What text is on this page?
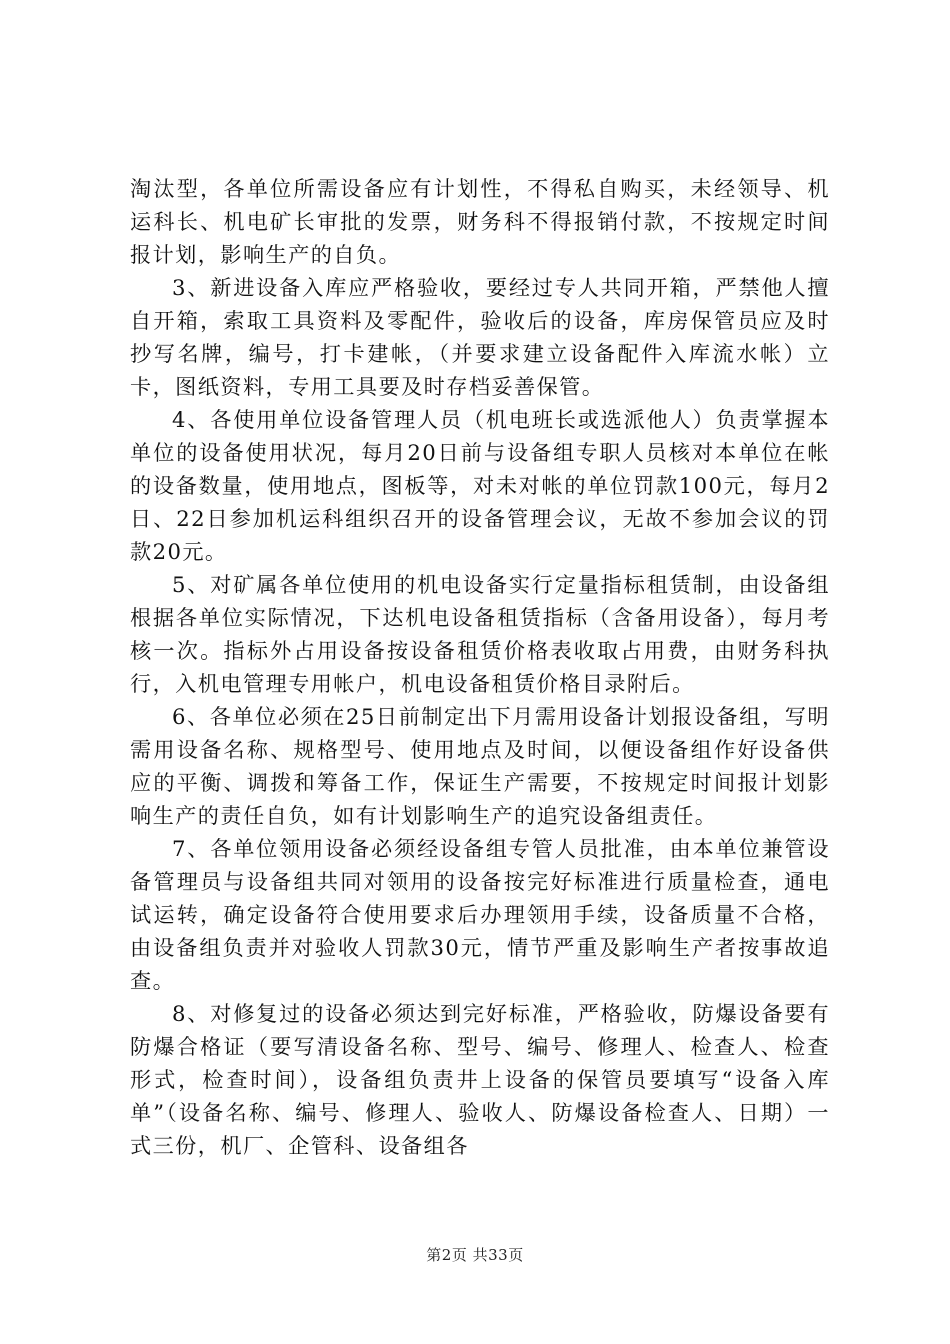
淘汰型，各单位所需设备应有计划性，不得私自购买，未经领导、机运科长、机电矿长审批的发票，财务科不得报销付款，不按规定时间报计划，影响生产的自负。

3、新进设备入库应严格验收，要经过专人共同开箱，严禁他人擅自开箱，索取工具资料及零配件，验收后的设备，库房保管员应及时抄写名牌，编号，打卡建帐，（并要求建立设备配件入库流水帐）立卡，图纸资料，专用工具要及时存档妥善保管。

4、各使用单位设备管理人员（机电班长或选派他人）负责掌握本单位的设备使用状况，每月20日前与设备组专职人员核对本单位在帐的设备数量，使用地点，图板等，对未对帐的单位罚款100元，每月2日、22日参加机运科组织召开的设备管理会议，无故不参加会议的罚款20元。

5、对矿属各单位使用的机电设备实行定量指标租赁制，由设备组根据各单位实际情况，下达机电设备租赁指标（含备用设备），每月考核一次。指标外占用设备按设备租赁价格表收取占用费，由财务科执行，入机电管理专用帐户，机电设备租赁价格目录附后。

6、各单位必须在25日前制定出下月需用设备计划报设备组，写明需用设备名称、规格型号、使用地点及时间，以便设备组作好设备供应的平衡、调拨和筹备工作，保证生产需要，不按规定时间报计划影响生产的责任自负，如有计划影响生产的追究设备组责任。

7、各单位领用设备必须经设备组专管人员批准，由本单位兼管设备管理员与设备组共同对领用的设备按完好标准进行质量检查，通电试运转，确定设备符合使用要求后办理领用手续，设备质量不合格，由设备组负责并对验收人罚款30元，情节严重及影响生产者按事故追查。

8、对修复过的设备必须达到完好标准，严格验收，防爆设备要有防爆合格证（要写清设备名称、型号、编号、修理人、检查人、检查形式，检查时间），设备组负责井上设备的保管员要填写“设备入库单”（设备名称、编号、修理人、验收人、防爆设备检查人、日期）一式三份，机厂、企管科、设备组各

第2页 共33页
